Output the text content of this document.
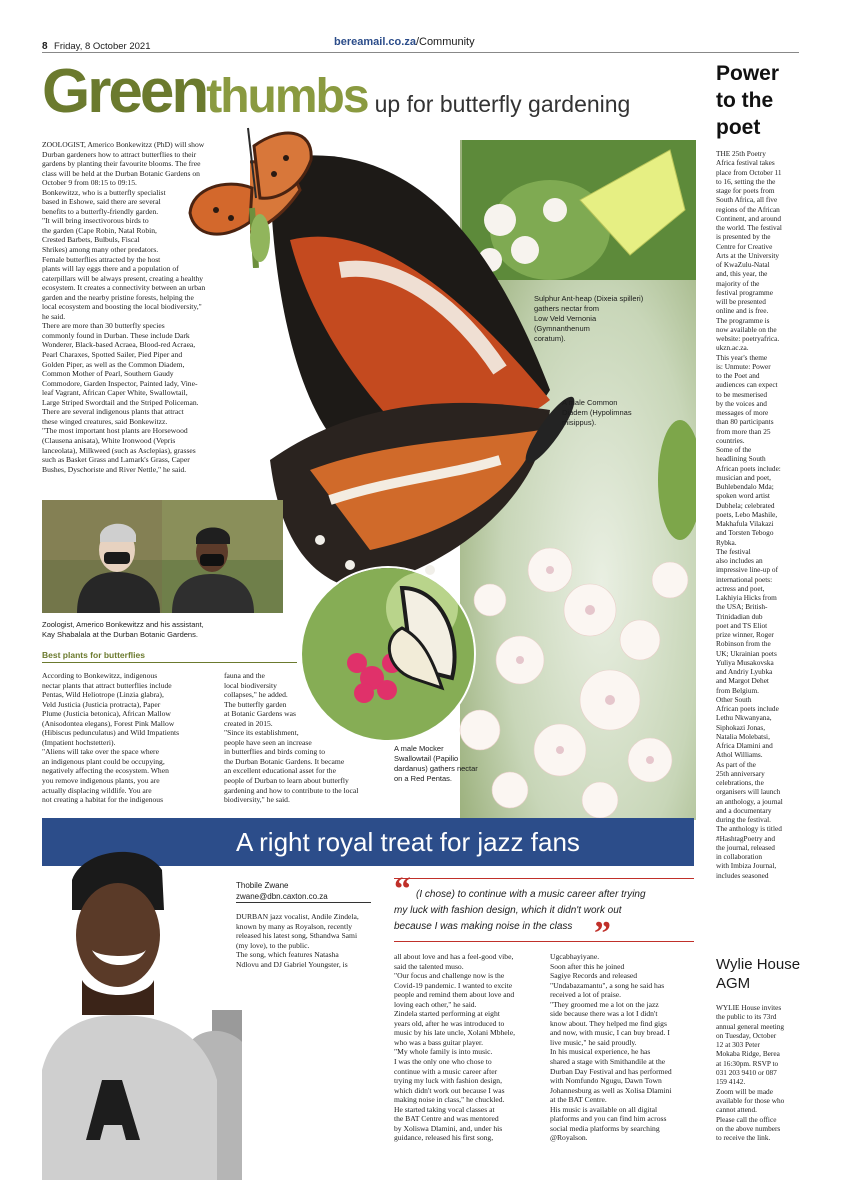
8 Friday, 8 October 2021	bereamail.co.za/Community
Greenthumbs up for butterfly gardening
ZOOLOGIST, Americo Bonkewitzz (PhD) will show
Durban gardeners how to attract butterflies to their
gardens by planting their favourite blooms. The free
class will be held at the Durban Botanic Gardens on
October 9 from 08:15 to 09:15.
Bonkewitzz, who is a butterfly specialist
based in Eshowe, said there are several
benefits to a butterfly-friendly garden.
"It will bring insectivorous birds to
the garden (Cape Robin, Natal Robin,
Crested Barbets, Bulbuls, Fiscal
Shrikes) among many other predators.
Female butterflies attracted by the host
plants will lay eggs there and a population of
caterpillars will be always present, creating a healthy
ecosystem. It creates a connectivity between an urban
garden and the nearby pristine forests, helping the
local ecosystem and boosting the local biodiversity,"
he said.
There are more than 30 butterfly species
commonly found in Durban. These include Dark
Wonderer, Black-based Acraea, Blood-red Acraea,
Pearl Charaxes, Spotted Sailer, Pied Piper and
Golden Piper, as well as the Common Diadem,
Common Mother of Pearl, Southern Gaudy
Commodore, Garden Inspector, Painted lady, Vine-
leaf Vagrant, African Caper White, Swallowtail,
Large Striped Swordtail and the Striped Policeman.
There are several indigenous plants that attract
these winged creatures, said Bonkewitzz.
"The most important host plants are Horsewood
(Clausena anisata), White Ironwood (Vepris
lanceolata), Milkweed (such as Asclepias), grasses
such as Basket Grass and Lamark's Grass, Caper
Bushes, Dyschoriste and River Nettle," he said.
Zoologist, Americo Bonkewitzz and his assistant,
Kay Shabalala at the Durban Botanic Gardens.
Best plants for butterflies
According to Bonkewitzz, indigenous
nectar plants that attract butterflies include
Pentas, Wild Heliotrope (Linzia glabra),
Veld Justicia (Justicia protracta), Paper
Plume (Justicia betonica), African Mallow
(Anisodontea elegans), Forest Pink Mallow
(Hibiscus pedunculatus) and Wild Impatients
(Impatient hochstetteri).
"Aliens will take over the space where
an indigenous plant could be occupying,
negatively affecting the ecosystem. When
you remove indigenous plants, you are
actually displacing wildlife. You are
not creating a habitat for the indigenous
fauna and the
local biodiversity
collapses," he added.
The butterfly garden
at Botanic Gardens was
created in 2015.
"Since its establishment,
people have seen an increase
in butterflies and birds coming to
the Durban Botanic Gardens. It became
an excellent educational asset for the
people of Durban to learn about butterfly
gardening and how to contribute to the local
biodiversity," he said.
Sulphur Ant-heap (Dixeia spilleri)
gathers nectar from
Low Veld Vernonia
(Gymnanthenum
coratum).
A male Common
Diadem (Hypolimnas
misippus).
A male Mocker
Swallowtail (Papilio
dardanus) gathers nectar
on a Red Pentas.
Power
to the
poet
THE 25th Poetry
Africa festival takes
place from October 11
to 16, setting the the
stage for poets from
South Africa, all five
regions of the African
Continent, and around
the world. The festival
is presented by the
Centre for Creative
Arts at the University
of KwaZulu-Natal
and, this year, the
majority of the
festival programme
will be presented
online and is free.
The programme is
now available on the
website: poetryafrica.
ukzn.ac.za.
This year's theme
is: Unmute: Power
to the Poet and
audiences can expect
to be mesmerised
by the voices and
messages of more
than 80 participants
from more than 25
countries.
Some of the
headlining South
African poets include:
musician and poet,
Buhlebendalo Mda;
spoken word artist
Dubhela; celebrated
poets, Lebo Mashile,
Makhafula Vilakazi
and Torsten Tebogo
Rybka.
The festival
also includes an
impressive line-up of
international poets:
actress and poet,
Lakhiyia Hicks from
the USA; British-
Trinidadian dub
poet and TS Eliot
prize winner, Roger
Robinson from the
UK; Ukrainian poets
Yuliya Musakovska
and Andriy Lyubka
and Margot Dehet
from Belgium.
Other South
African poets include
Lethu Nkwanyana,
Siphokazi Jonas,
Natalia Molebatsi,
Africa Dlamini and
Athol Williams.
As part of the
25th anniversary
celebrations, the
organisers will launch
an anthology, a journal
and a documentary
during the festival.
The anthology is titled
#HashtagPoetry and
the journal, released
in collaboration
with Imbiza Journal,
includes seasoned
Wylie House
AGM
WYLIE House invites
the public to its 73rd
annual general meeting
on Tuesday, October
12 at 303 Peter
Mokaba Ridge, Berea
at 16:30pm. RSVP to
031 203 9410 or 087
159 4142.
Zoom will be made
available for those who
cannot attend.
Please call the office
on the above numbers
to receive the link.
A right royal treat for jazz fans
Thobile Zwane
zwane@dbn.caxton.co.za
DURBAN jazz vocalist, Andile Zindela,
known by many as Royalson, recently
released his latest song, Sthandwa Sami
(my love), to the public.
The song, which features Natasha
Ndlovu and DJ Gabriel Youngster, is
“ (I chose) to continue with a music career after trying
my luck with fashion design, which it didn't work out
because I was making noise in the class ”
all about love and has a feel-good vibe,
said the talented muso.
"Our focus and challenge now is the
Covid-19 pandemic. I wanted to excite
people and remind them about love and
loving each other," he said.
Zindela started performing at eight
years old, after he was introduced to
music by his late uncle, Xolani Mbhele,
who was a bass guitar player.
"My whole family is into music.
I was the only one who chose to
continue with a music career after
trying my luck with fashion design,
which didn't work out because I was
making noise in class," he chuckled.
He started taking vocal classes at
the BAT Centre and was mentored
by Xoliswa Dlamini, and, under his
guidance, released his first song,
Ugcabhayiyane.
Soon after this he joined
Sagiye Records and released
"Undabazamantu", a song he said has
received a lot of praise.
"They groomed me a lot on the jazz
side because there was a lot I didn't
know about. They helped me find gigs
and now, with music, I can buy bread. I
live music," he said proudly.
In his musical experience, he has
shared a stage with Smithandile at the
Durban Day Festival and has performed
with Nomfundo Ngugu, Dawn Town
Johannesburg as well as Xolisa Dlamini
at the BAT Centre.
His music is available on all digital
platforms and you can find him across
social media platforms by searching
@Royalson.
